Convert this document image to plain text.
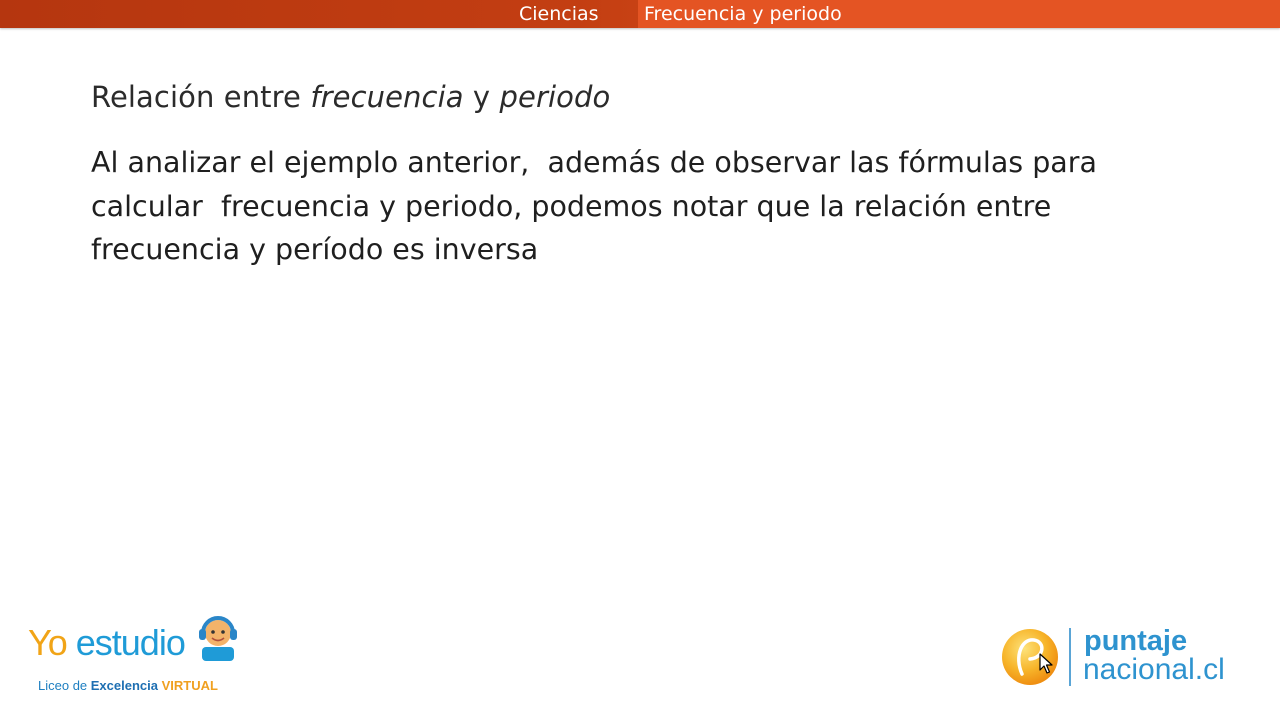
Ciencias	Frecuencia y periodo
Relación entre frecuencia y periodo
Al analizar el ejemplo anterior,  además de observar las fórmulas para
calcular  frecuencia y periodo, podemos notar que la relación entre
frecuencia y período es inversa
Yo estudio
Liceo de Excelencia VIRTUAL
puntaje
nacional.cl
